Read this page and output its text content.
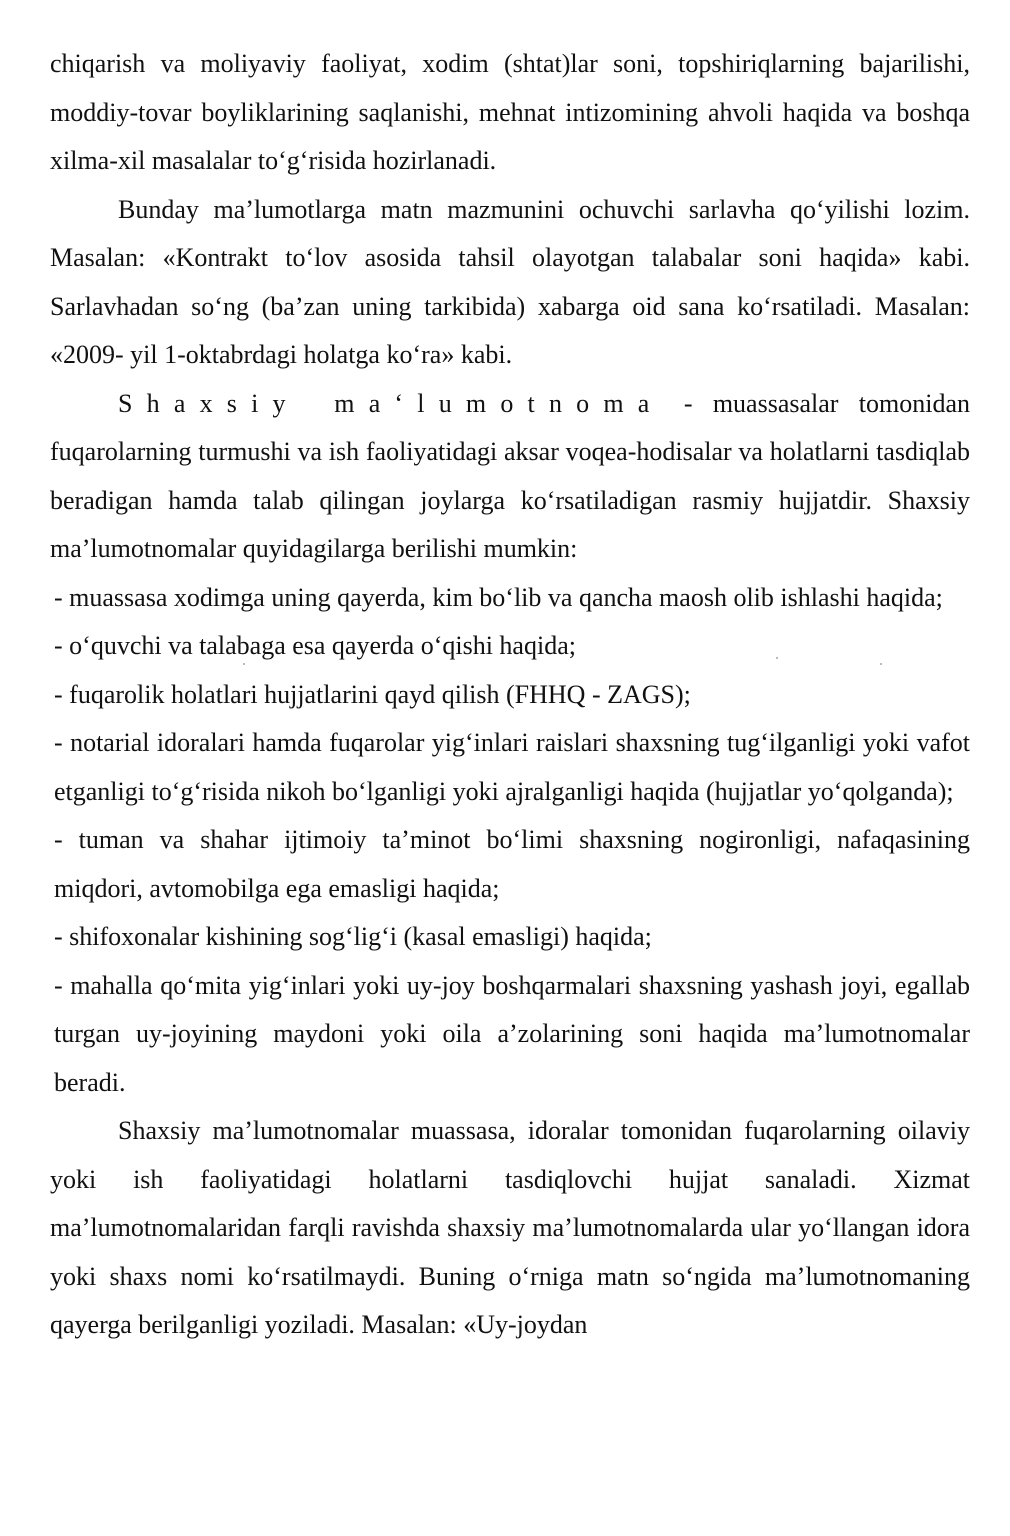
chiqarish va moliyaviy faoliyat, xodim (shtat)lar soni, topshiriqlarning bajarilishi, moddiy-tovar boyliklarining saqlanishi, mehnat intizomining ahvoli haqida va boshqa xilma-xil masalalar to‘g‘risida hozirlanadi.

Bunday ma’lumotlarga matn mazmunini ochuvchi sarlavha qo‘yilishi lozim. Masalan: «Kontrakt to‘lov asosida tahsil olayotgan talabalar soni haqida» kabi. Sarlavhadan so‘ng (ba’zan uning tarkibida) xabarga oid sana ko‘rsatiladi. Masalan: «2009- yil 1-oktabrdagi holatga ko‘ra» kabi.

Shaxsiy ma‘lumotnoma - muassasalar tomonidan fuqarolarning turmushi va ish faoliyatidagi aksar voqea-hodisalar va holatlarni tasdiqlab beradigan hamda talab qilingan joylarga ko‘rsatiladigan rasmiy hujjatdir. Shaxsiy ma’lumotnomalar quyidagilarga berilishi mumkin:

- muassasa xodimga uning qayerda, kim bo‘lib va qancha maosh olib ishlashi haqida;

- o‘quvchi va talabaga esa qayerda o‘qishi haqida;

- fuqarolik holatlari hujjatlarini qayd qilish (FHHQ - ZAGS);

- notarial idoralari hamda fuqarolar yig‘inlari raislari shaxsning tug‘ilganligi yoki vafot etganligi to‘g‘risida nikoh bo‘lganligi yoki ajralganligi haqida (hujjatlar yo‘qolganda);

- tuman va shahar ijtimoiy ta’minot bo‘limi shaxsning nogironligi, nafaqasining miqdori, avtomobilga ega emasligi haqida;

- shifoxonalar kishining sog‘lig‘i (kasal emasligi) haqida;

- mahalla qo‘mita yig‘inlari yoki uy-joy boshqarmalari shaxsning yashash joyi, egallab turgan uy-joyining maydoni yoki oila a’zolarining soni haqida ma’lumotnomalar beradi.

Shaxsiy ma’lumotnomalar muassasa, idoralar tomonidan fuqarolarning oilaviy yoki ish faoliyatidagi holatlarni tasdiqlovchi hujjat sanaladi. Xizmat ma’lumotnomalaridan farqli ravishda shaxsiy ma’lumotnomalarda ular yo‘llangan idora yoki shaxs nomi ko‘rsatilmaydi. Buning o‘rniga matn so‘ngida ma’lumotnomaning qayerga berilganligi yoziladi. Masalan: «Uy-joydan
